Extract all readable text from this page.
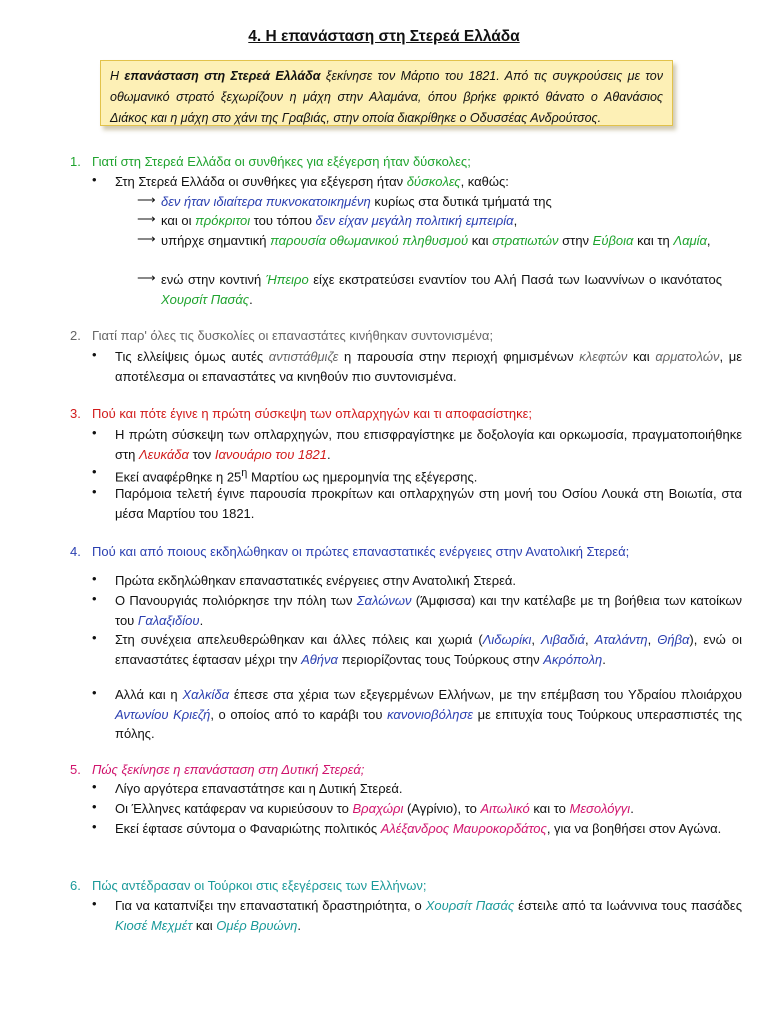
4. Η επανάσταση στη Στερεά Ελλάδα
Η επανάσταση στη Στερεά Ελλάδα ξεκίνησε τον Μάρτιο του 1821. Από τις συγκρούσεις με τον οθωμανικό στρατό ξεχωρίζουν η μάχη στην Αλαμάνα, όπου βρήκε φρικτό θάνατο ο Αθανάσιος Διάκος και η μάχη στο χάνι της Γραβιάς, στην οποία διακρίθηκε ο Οδυσσέας Ανδρούτσος.
1. Γιατί στη Στερεά Ελλάδα οι συνθήκες για εξέγερση ήταν δύσκολες;
•	Στη Στερεά Ελλάδα οι συνθήκες για εξέγερση ήταν δύσκολες, καθώς:
⟶ δεν ήταν ιδιαίτερα πυκνοκατοικημένη κυρίως στα δυτικά τμήματά της
⟶ και οι πρόκριτοι του τόπου δεν είχαν μεγάλη πολιτική εμπειρία,
⟶ υπήρχε σημαντική παρουσία οθωμανικού πληθυσμού και στρατιωτών στην Εύβοια και τη Λαμία,
⟶ ενώ στην κοντινή Ήπειρο είχε εκστρατεύσει εναντίον του Αλή Πασά των Ιωαννίνων ο ικανότατος Χουρσίτ Πασάς.
2. Γιατί παρ' όλες τις δυσκολίες οι επαναστάτες κινήθηκαν συντονισμένα;
•	Τις ελλείψεις όμως αυτές αντιστάθμιζε η παρουσία στην περιοχή φημισμένων κλεφτών και αρματολών, με αποτέλεσμα οι επαναστάτες να κινηθούν πιο συντονισμένα.
3. Πού και πότε έγινε η πρώτη σύσκεψη των οπλαρχηγών και τι αποφασίστηκε;
•	Η πρώτη σύσκεψη των οπλαρχηγών, που επισφραγίστηκε με δοξολογία και ορκωμοσία, πραγματοποιήθηκε στη Λευκάδα τον Ιανουάριο του 1821.
•	Εκεί αναφέρθηκε η $25^\eta$ Μαρτίου ως ημερομηνία της εξέγερσης.
•	Παρόμοια τελετή έγινε παρουσία προκρίτων και οπλαρχηγών στη μονή του Οσίου Λουκά στη Βοιωτία, στα μέσα Μαρτίου του 1821.
4. Πού και από ποιους εκδηλώθηκαν οι πρώτες επαναστατικές ενέργειες στην Ανατολική Στερεά;
•	Πρώτα εκδηλώθηκαν επαναστατικές ενέργειες στην Ανατολική Στερεά.
•	Ο Πανουργιάς πολιόρκησε την πόλη των Σαλώνων (Άμφισσα) και την κατέλαβε με τη βοήθεια των κατοίκων του Γαλαξιδίου.
•	Στη συνέχεια απελευθερώθηκαν και άλλες πόλεις και χωριά (Λιδωρίκι, Λιβαδιά, Αταλάντη, Θήβα), ενώ οι επαναστάτες έφτασαν μέχρι την Αθήνα περιορίζοντας τους Τούρκους στην Ακρόπολη.
•	Αλλά και η Χαλκίδα έπεσε στα χέρια των εξεγερμένων Ελλήνων, με την επέμβαση του Υδραίου πλοιάρχου Αντωνίου Κριεζή, ο οποίος από το καράβι του κανονιοβόλησε με επιτυχία τους Τούρκους υπερασπιστές της πόλης.
5. Πώς ξεκίνησε η επανάσταση στη Δυτική Στερεά;
•	Λίγο αργότερα επαναστάτησε και η Δυτική Στερεά.
•	Οι Έλληνες κατάφεραν να κυριεύσουν το Βραχώρι (Αγρίνιο), το Αιτωλικό και το Μεσολόγγι.
•	Εκεί έφτασε σύντομα ο Φαναριώτης πολιτικός Αλέξανδρος Μαυροκορδάτος, για να βοηθήσει στον Αγώνα.
6. Πώς αντέδρασαν οι Τούρκοι στις εξεγέρσεις των Ελλήνων;
•	Για να καταπνίξει την επαναστατική δραστηριότητα, ο Χουρσίτ Πασάς έστειλε από τα Ιωάννινα τους πασάδες Κιοσέ Μεχμέτ και Ομέρ Βρυώνη.
